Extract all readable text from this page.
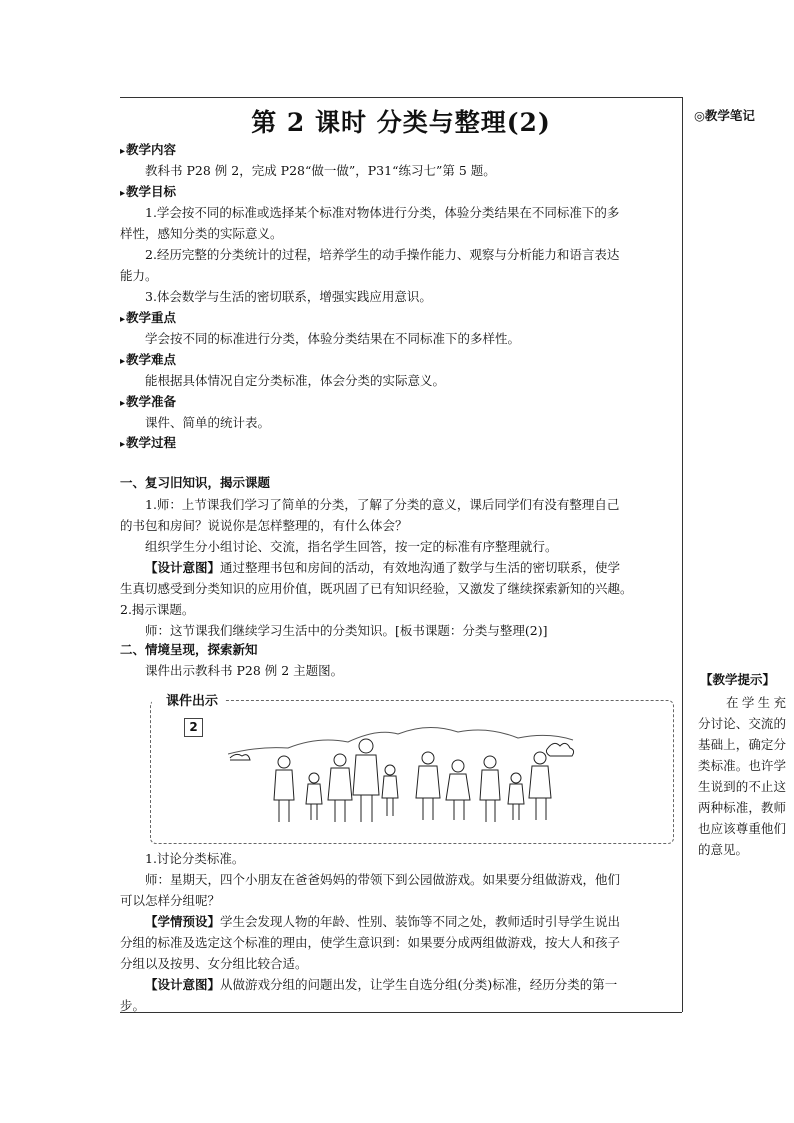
第 2 课时 分类与整理(2)	◎教学笔记
▸ 教学内容
教科书 P28 例 2，完成 P28“做一做”，P31“练习七”第 5 题。
▸ 教学目标
1.学会按不同的标准或选择某个标准对物体进行分类，体验分类结果在不同标准下的多
样性，感知分类的实际意义。
2.经历完整的分类统计的过程，培养学生的动手操作能力、观察与分析能力和语言表达
能力。
3.体会数学与生活的密切联系，增强实践应用意识。
▸ 教学重点
学会按不同的标准进行分类，体验分类结果在不同标准下的多样性。
▸ 教学难点
能根据具体情况自定分类标准，体会分类的实际意义。
▸ 教学准备
课件、简单的统计表。
▸ 教学过程
一、复习旧知识，揭示课题
1.师：上节课我们学习了简单的分类，了解了分类的意义，课后同学们有没有整理自己
的书包和房间？说说你是怎样整理的，有什么体会？
组织学生分小组讨论、交流，指名学生回答，按一定的标准有序整理就行。
【设计意图】通过整理书包和房间的活动，有效地沟通了数学与生活的密切联系，使学
生真切感受到分类知识的应用价值，既巩固了已有知识经验，又激发了继续探索新知的兴趣。
2.揭示课题。
师：这节课我们继续学习生活中的分类知识。[板书课题：分类与整理(2)]
二、情境呈现，探索新知
课件出示教科书 P28 例 2 主题图。
课件出示
2
1.讨论分类标准。
师：星期天，四个小朋友在爸爸妈妈的带领下到公园做游戏。如果要分组做游戏，他们
可以怎样分组呢？
【学情预设】学生会发现人物的年龄、性别、装饰等不同之处，教师适时引导学生说出
分组的标准及选定这个标准的理由，使学生意识到：如果要分成两组做游戏，按大人和孩子
分组以及按男、女分组比较合适。
【设计意图】从做游戏分组的问题出发，让学生自选分组(分类)标准，经历分类的第一
步。
【教学提示】
在学生充分讨论、交流的基础上，确定分类标准。也许学生说到的不止这两种标准，教师也应该尊重他们的意见。
